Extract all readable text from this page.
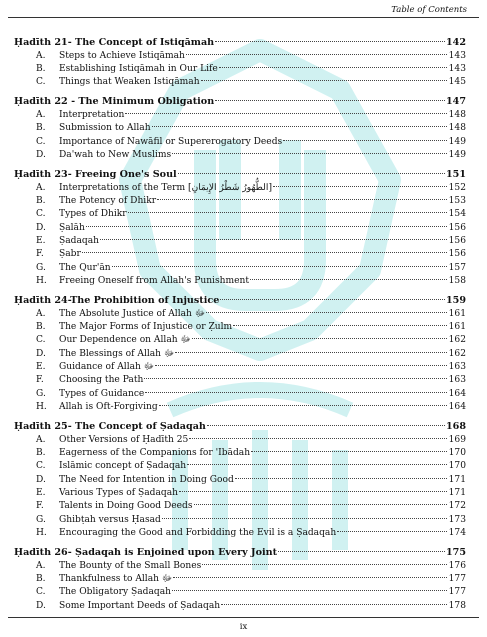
Table of Contents
Ḥadīth 21- The Concept of Istiqāmah	142
A.	Steps to Achieve Istiqāmah	143
B.	Establishing Istiqāmah in Our Life	143
C.	Things that Weaken Istiqāmah	145
Ḥadīth 22 - The Minimum Obligation	147
A.	Interpretation	148
B.	Submission to Allah	148
C.	Importance of Nawāfil or Supererogatory Deeds	149
D.	Da'wah to New Muslims	149
Ḥadīth 23- Freeing One's Soul	151
A.	Interpretations of the Term [الطُّهُورُ شَطْرُ الإِيمَانِ]	152
B.	The Potency of Dhikr	153
C.	Types of Dhikr	154
D.	Ṣalāh	156
E.	Ṣadaqah	156
F.	Ṣabr	156
G.	The Qur'ān	157
H.	Freeing Oneself from Allah's Punishment	158
Ḥadīth 24-The Prohibition of Injustice	159
A.	The Absolute Justice of Allah ﷻ	161
B.	The Major Forms of Injustice or Ẓulm	161
C.	Our Dependence on Allah ﷻ	162
D.	The Blessings of Allah ﷻ	162
E.	Guidance of Allah ﷻ	163
F.	Choosing the Path	163
G.	Types of Guidance	164
H.	Allah is Oft-Forgiving	164
Ḥadīth 25- The Concept of Ṣadaqah	168
A.	Other Versions of Ḥadīth 25	169
B.	Eagerness of the Companions for 'Ibādah	170
C.	Islāmic concept of Ṣadaqah	170
D.	The Need for Intention in Doing Good	171
E.	Various Types of Ṣadaqah	171
F.	Talents in Doing Good Deeds	172
G.	Ghibṭah versus Ḥasad	173
H.	Encouraging the Good and Forbidding the Evil is a Ṣadaqah	174
Ḥadīth 26- Ṣadaqah is Enjoined upon Every Joint	175
A.	The Bounty of the Small Bones	176
B.	Thankfulness to Allah ﷻ	177
C.	The Obligatory Ṣadaqah	177
D.	Some Important Deeds of Ṣadaqah	178
ix
